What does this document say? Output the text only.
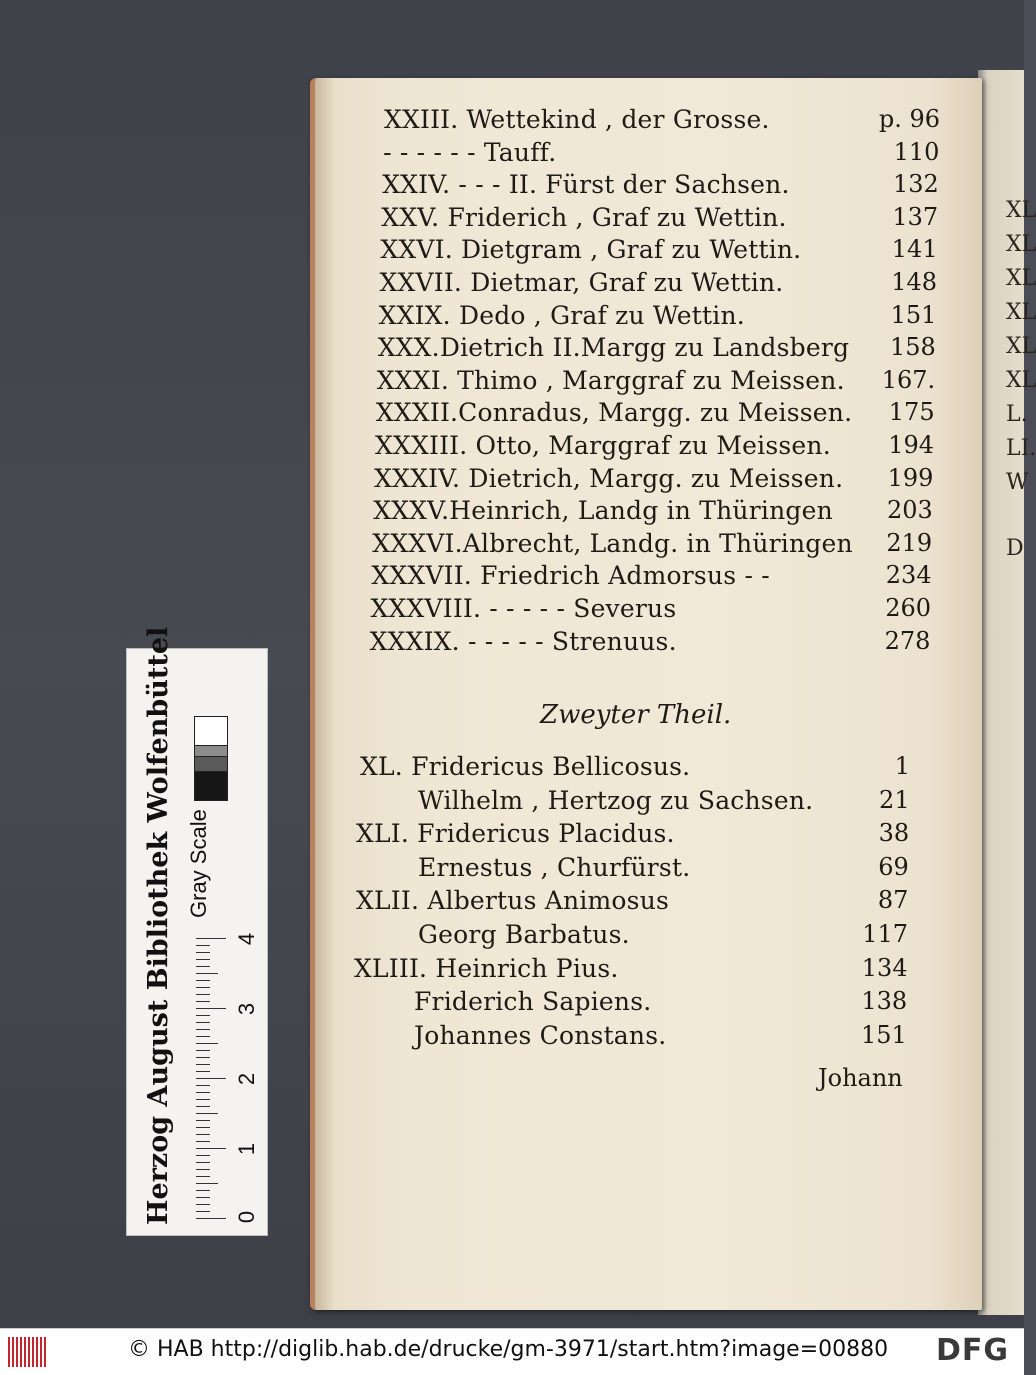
XL
XL
XL
XL
XL
XL
L.
LI.
W
D
XXIII. Wettekind , der Grosse.	p. 96
- - - - - - Tauff.	110
XXIV. - - - II. Fürst der Sachsen.	132
XXV. Friderich , Graf zu Wettin.	137
XXVI. Dietgram , Graf zu Wettin.	141
XXVII. Dietmar, Graf zu Wettin.	148
XXIX. Dedo , Graf zu Wettin.	151
XXX.Dietrich II.Margg zu Landsberg	158
XXXI. Thimo , Marggraf zu Meissen.	167.
XXXII.Conradus, Margg. zu Meissen.	175
XXXIII. Otto, Marggraf zu Meissen.	194
XXXIV. Dietrich, Margg. zu Meissen.	199
XXXV.Heinrich, Landg in Thüringen	203
XXXVI.Albrecht, Landg. in Thüringen	219
XXXVII. Friedrich Admorsus - -	234
XXXVIII. - - - - - Severus	260
XXXIX. - - - - - Strenuus.	278
Zweyter Theil.
XL. Fridericus Bellicosus.	1
Wilhelm , Hertzog zu Sachsen.	21
XLI. Fridericus Placidus.	38
Ernestus , Churfürst.	69
XLII. Albertus Animosus	87
Georg Barbatus.	117
XLIII. Heinrich Pius.	134
Friderich Sapiens.	138
Johannes Constans.	151
Johann
Herzog August Bibliothek Wolfenbüttel Gray Scale
0
1
2
3
4
© HAB http://diglib.hab.de/drucke/gm-3971/start.htm?image=00880 DFG
